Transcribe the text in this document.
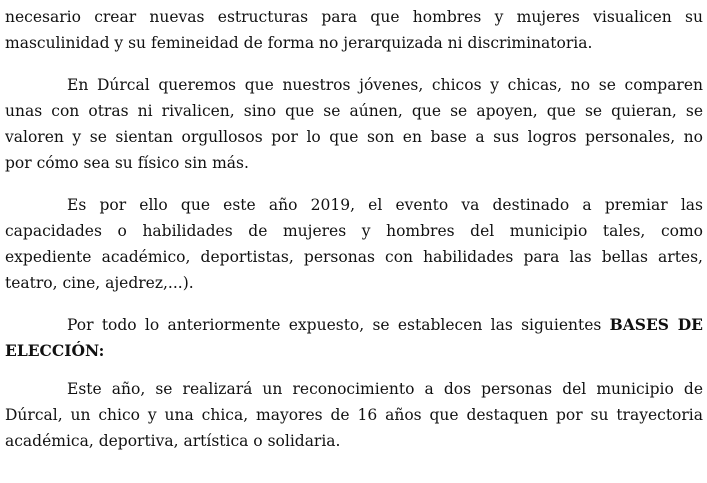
necesario crear nuevas estructuras para que hombres y mujeres visualicen su
masculinidad y su femineidad de forma no jerarquizada ni discriminatoria.
En Dúrcal queremos que nuestros jóvenes, chicos y chicas, no se comparen
unas con otras ni rivalicen, sino que se aúnen, que se apoyen, que se quieran, se
valoren y se sientan orgullosos por lo que son en base a sus logros personales, no
por cómo sea su físico sin más.
Es por ello que este año 2019, el evento va destinado a premiar las
capacidades o habilidades de mujeres y hombres del municipio tales, como
expediente académico, deportistas, personas con habilidades para las bellas artes,
teatro, cine, ajedrez,...).
Por todo lo anteriormente expuesto, se establecen las siguientes BASES DE
ELECCIÓN:
Este año, se realizará un reconocimiento a dos personas del municipio de
Dúrcal, un chico y una chica, mayores de 16 años que destaquen por su trayectoria
académica, deportiva, artística o solidaria.
